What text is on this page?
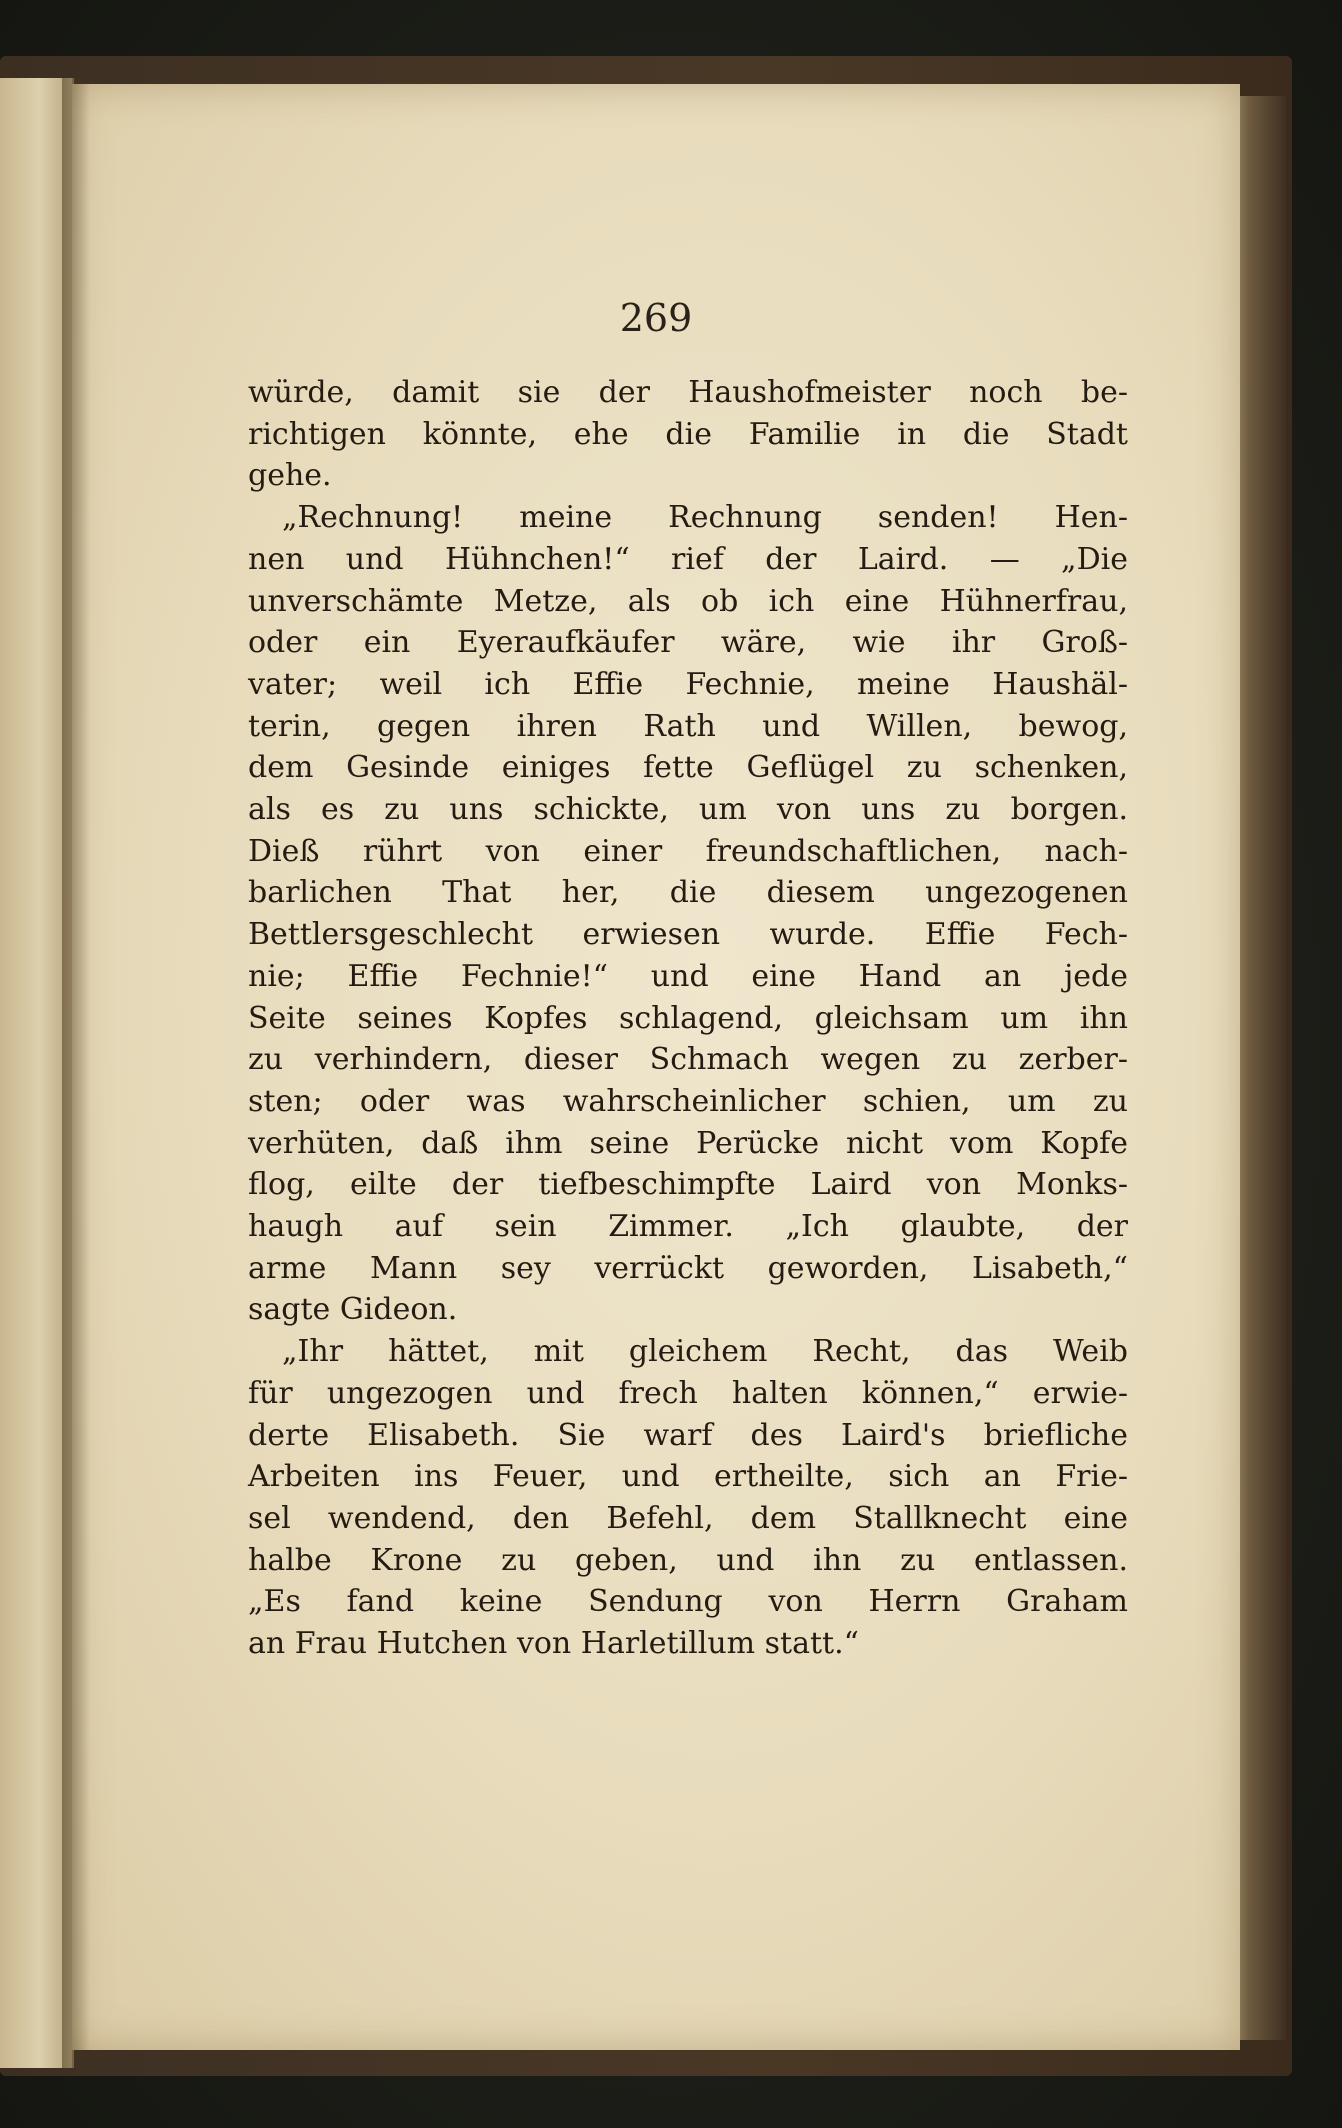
269
würde, damit sie der Haushofmeister noch be-
richtigen könnte, ehe die Familie in die Stadt
gehe.
„Rechnung! meine Rechnung senden! Hen-
nen und Hühnchen!“ rief der Laird. — „Die
unverschämte Metze, als ob ich eine Hühnerfrau,
oder ein Eyeraufkäufer wäre, wie ihr Groß-
vater; weil ich Effie Fechnie, meine Haushäl-
terin, gegen ihren Rath und Willen, bewog,
dem Gesinde einiges fette Geflügel zu schenken,
als es zu uns schickte, um von uns zu borgen.
Dieß rührt von einer freundschaftlichen, nach-
barlichen That her, die diesem ungezogenen
Bettlersgeschlecht erwiesen wurde. Effie Fech-
nie; Effie Fechnie!“ und eine Hand an jede
Seite seines Kopfes schlagend, gleichsam um ihn
zu verhindern, dieser Schmach wegen zu zerber-
sten; oder was wahrscheinlicher schien, um zu
verhüten, daß ihm seine Perücke nicht vom Kopfe
flog, eilte der tiefbeschimpfte Laird von Monks-
haugh auf sein Zimmer. „Ich glaubte, der
arme Mann sey verrückt geworden, Lisabeth,“
sagte Gideon.
„Ihr hättet, mit gleichem Recht, das Weib
für ungezogen und frech halten können,“ erwie-
derte Elisabeth. Sie warf des Laird's briefliche
Arbeiten ins Feuer, und ertheilte, sich an Frie-
sel wendend, den Befehl, dem Stallknecht eine
halbe Krone zu geben, und ihn zu entlassen.
„Es fand keine Sendung von Herrn Graham
an Frau Hutchen von Harletillum statt.“
